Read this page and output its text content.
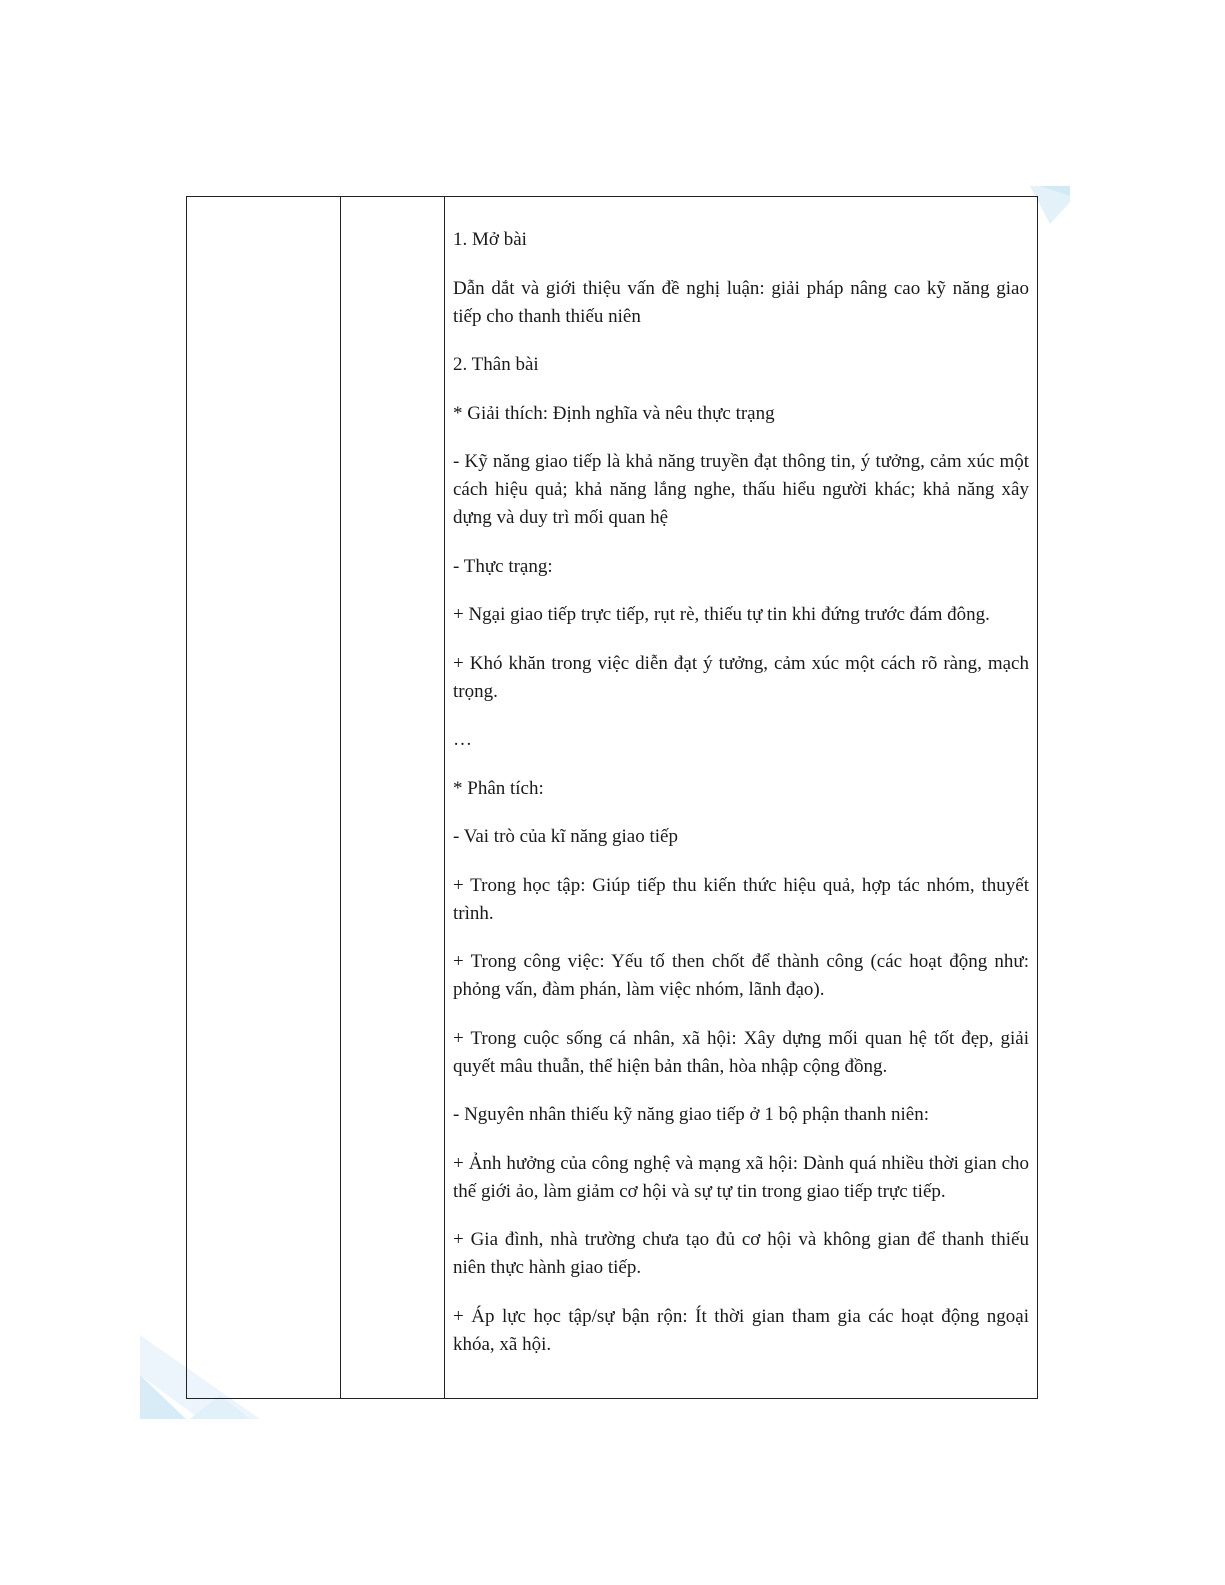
1. Mở bài

Dẫn dắt và giới thiệu vấn đề nghị luận: giải pháp nâng cao kỹ năng giao tiếp cho thanh thiếu niên

2. Thân bài

* Giải thích: Định nghĩa và nêu thực trạng

- Kỹ năng giao tiếp là khả năng truyền đạt thông tin, ý tưởng, cảm xúc một cách hiệu quả; khả năng lắng nghe, thấu hiểu người khác; khả năng xây dựng và duy trì mối quan hệ

- Thực trạng:

+ Ngại giao tiếp trực tiếp, rụt rè, thiếu tự tin khi đứng trước đám đông.

+ Khó khăn trong việc diễn đạt ý tưởng, cảm xúc một cách rõ ràng, mạch trọng.

…

* Phân tích:

- Vai trò của kĩ năng giao tiếp

+ Trong học tập: Giúp tiếp thu kiến thức hiệu quả, hợp tác nhóm, thuyết trình.

+ Trong công việc: Yếu tố then chốt để thành công (các hoạt động như: phỏng vấn, đàm phán, làm việc nhóm, lãnh đạo).

+ Trong cuộc sống cá nhân, xã hội: Xây dựng mối quan hệ tốt đẹp, giải quyết mâu thuẫn, thể hiện bản thân, hòa nhập cộng đồng.

- Nguyên nhân thiếu kỹ năng giao tiếp ở 1 bộ phận thanh niên:

+ Ảnh hưởng của công nghệ và mạng xã hội: Dành quá nhiều thời gian cho thế giới ảo, làm giảm cơ hội và sự tự tin trong giao tiếp trực tiếp.

+ Gia đình, nhà trường chưa tạo đủ cơ hội và không gian để thanh thiếu niên thực hành giao tiếp.

+ Áp lực học tập/sự bận rộn: Ít thời gian tham gia các hoạt động ngoại khóa, xã hội.
